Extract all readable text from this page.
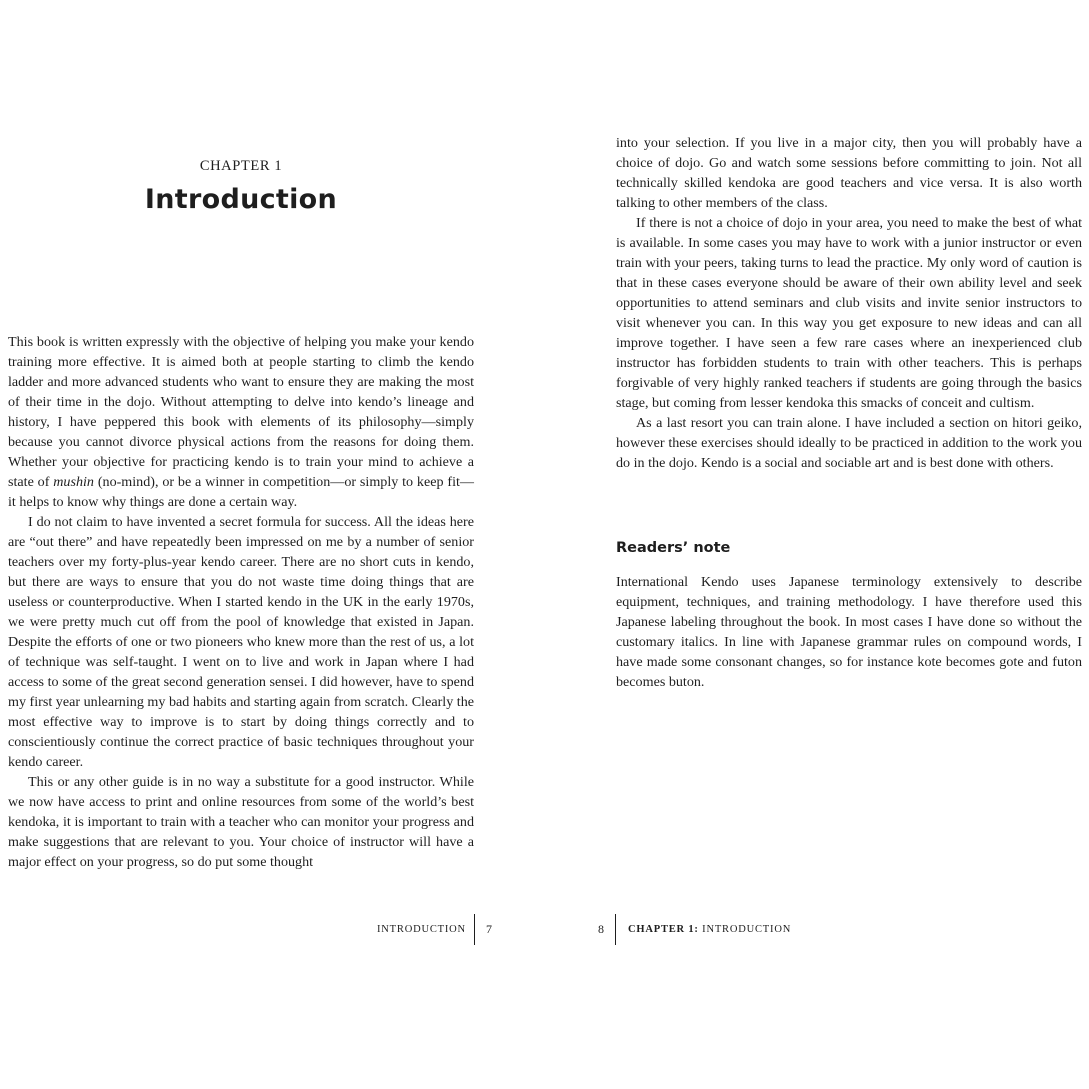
CHAPTER 1
Introduction

This book is written expressly with the objective of helping you make your kendo training more effective. It is aimed both at people starting to climb the kendo ladder and more advanced students who want to ensure they are making the most of their time in the dojo. Without attempting to delve into kendo’s lineage and history, I have peppered this book with elements of its philosophy—simply because you cannot divorce physical actions from the reasons for doing them. Whether your objective for practicing kendo is to train your mind to achieve a state of mushin (no-mind), or be a winner in competition—or simply to keep fit—it helps to know why things are done a certain way.

I do not claim to have invented a secret formula for success. All the ideas here are “out there” and have repeatedly been impressed on me by a number of senior teachers over my forty-plus-year kendo career. There are no short cuts in kendo, but there are ways to ensure that you do not waste time doing things that are useless or counterproductive. When I started kendo in the UK in the early 1970s, we were pretty much cut off from the pool of knowledge that existed in Japan. Despite the efforts of one or two pioneers who knew more than the rest of us, a lot of technique was self-taught. I went on to live and work in Japan where I had access to some of the great second generation sensei. I did however, have to spend my first year unlearning my bad habits and starting again from scratch. Clearly the most effective way to improve is to start by doing things correctly and to conscientiously continue the correct practice of basic techniques throughout your kendo career.

This or any other guide is in no way a substitute for a good instructor. While we now have access to print and online resources from some of the world’s best kendoka, it is important to train with a teacher who can monitor your progress and make suggestions that are relevant to you. Your choice of instructor will have a major effect on your progress, so do put some thought

INTRODUCTION 7

into your selection. If you live in a major city, then you will probably have a choice of dojo. Go and watch some sessions before committing to join. Not all technically skilled kendoka are good teachers and vice versa. It is also worth talking to other members of the class.

If there is not a choice of dojo in your area, you need to make the best of what is available. In some cases you may have to work with a junior instructor or even train with your peers, taking turns to lead the practice. My only word of caution is that in these cases everyone should be aware of their own ability level and seek opportunities to attend seminars and club visits and invite senior instructors to visit whenever you can. In this way you get exposure to new ideas and can all improve together. I have seen a few rare cases where an inexperienced club instructor has forbidden students to train with other teachers. This is perhaps forgivable of very highly ranked teachers if students are going through the basics stage, but coming from lesser kendoka this smacks of conceit and cultism.

As a last resort you can train alone. I have included a section on hitori geiko, however these exercises should ideally to be practiced in addition to the work you do in the dojo. Kendo is a social and sociable art and is best done with others.

Readers’ note

International Kendo uses Japanese terminology extensively to describe equipment, techniques, and training methodology. I have therefore used this Japanese labeling throughout the book. In most cases I have done so without the customary italics. In line with Japanese grammar rules on compound words, I have made some consonant changes, so for instance kote becomes gote and futon becomes buton.

8 CHAPTER 1: INTRODUCTION
